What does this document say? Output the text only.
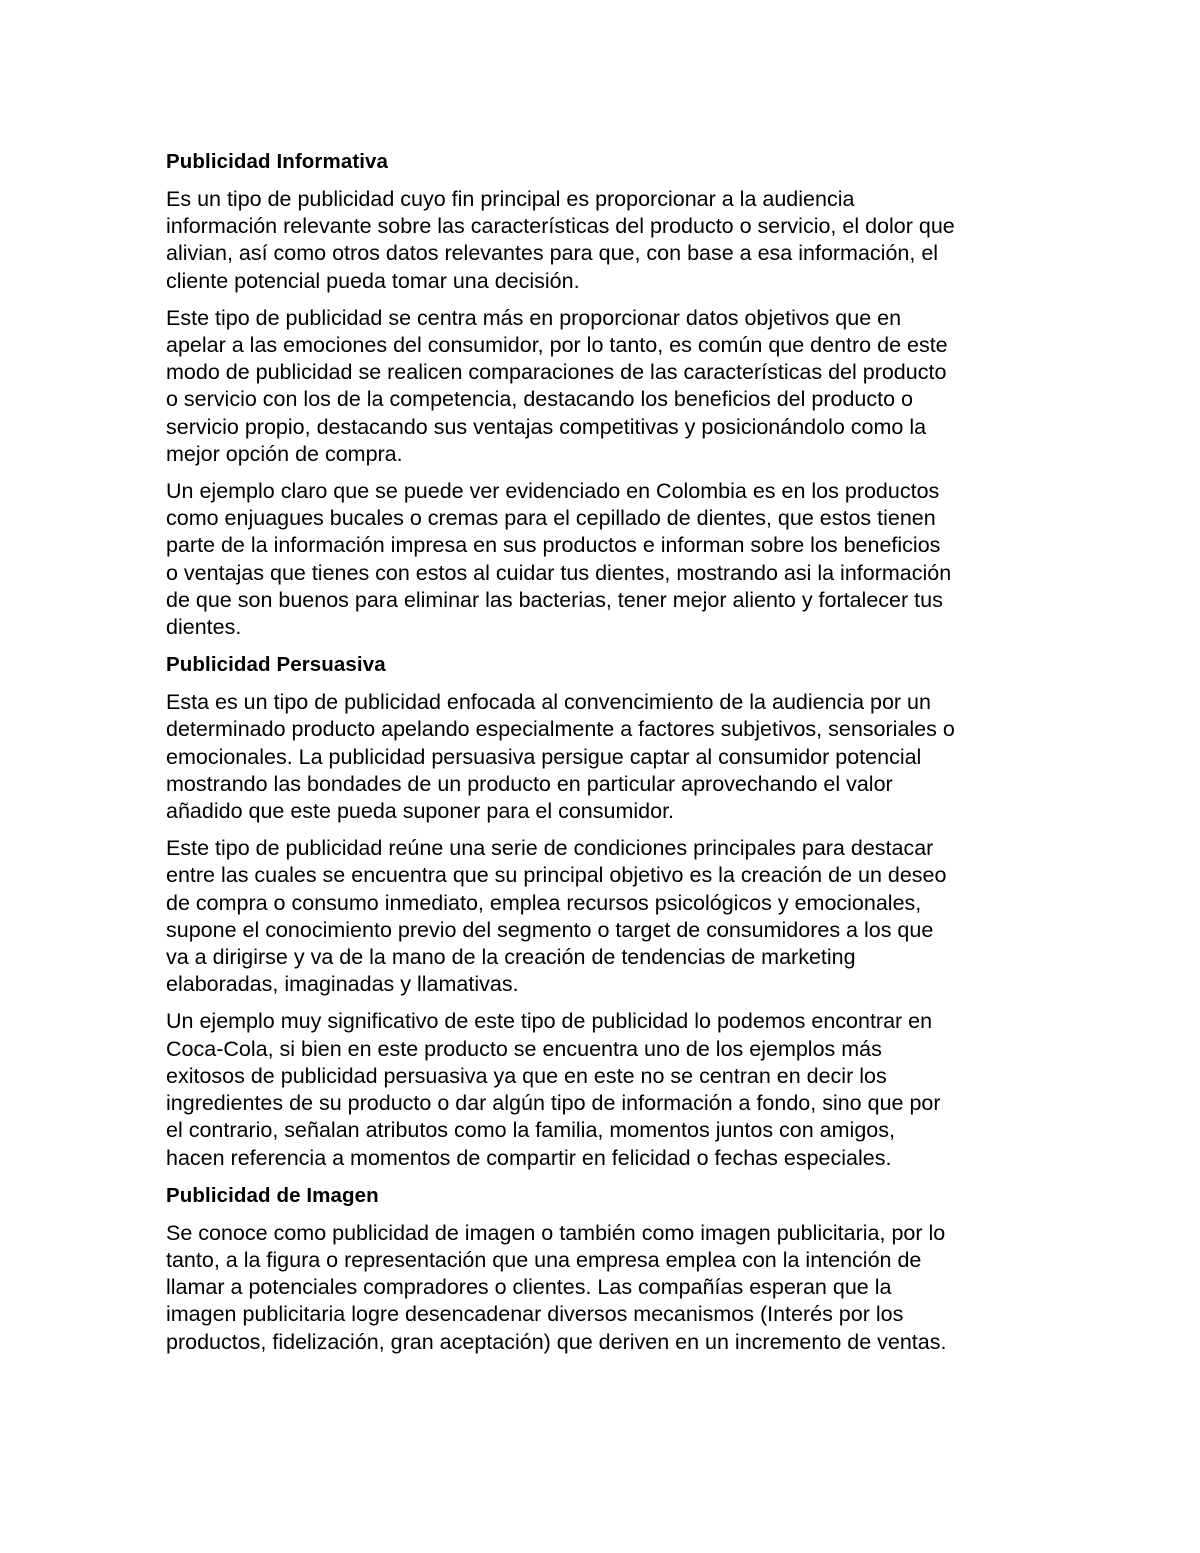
Publicidad Informativa

Es un tipo de publicidad cuyo fin principal es proporcionar a la audiencia
información relevante sobre las características del producto o servicio, el dolor que
alivian, así como otros datos relevantes para que, con base a esa información, el
cliente potencial pueda tomar una decisión.

Este tipo de publicidad se centra más en proporcionar datos objetivos que en
apelar a las emociones del consumidor, por lo tanto, es común que dentro de este
modo de publicidad se realicen comparaciones de las características del producto
o servicio con los de la competencia, destacando los beneficios del producto o
servicio propio, destacando sus ventajas competitivas y posicionándolo como la
mejor opción de compra.

Un ejemplo claro que se puede ver evidenciado en Colombia es en los productos
como enjuagues bucales o cremas para el cepillado de dientes, que estos tienen
parte de la información impresa en sus productos e informan sobre los beneficios
o ventajas que tienes con estos al cuidar tus dientes, mostrando asi la información
de que son buenos para eliminar las bacterias, tener mejor aliento y fortalecer tus
dientes.

Publicidad Persuasiva

Esta es un tipo de publicidad enfocada al convencimiento de la audiencia por un
determinado producto apelando especialmente a factores subjetivos, sensoriales o
emocionales. La publicidad persuasiva persigue captar al consumidor potencial
mostrando las bondades de un producto en particular aprovechando el valor
añadido que este pueda suponer para el consumidor.

Este tipo de publicidad reúne una serie de condiciones principales para destacar
entre las cuales se encuentra que su principal objetivo es la creación de un deseo
de compra o consumo inmediato, emplea recursos psicológicos y emocionales,
supone el conocimiento previo del segmento o target de consumidores a los que
va a dirigirse y va de la mano de la creación de tendencias de marketing
elaboradas, imaginadas y llamativas.

Un ejemplo muy significativo de este tipo de publicidad lo podemos encontrar en
Coca-Cola, si bien en este producto se encuentra uno de los ejemplos más
exitosos de publicidad persuasiva ya que en este no se centran en decir los
ingredientes de su producto o dar algún tipo de información a fondo, sino que por
el contrario, señalan atributos como la familia, momentos juntos con amigos,
hacen referencia a momentos de compartir en felicidad o fechas especiales.

Publicidad de Imagen

Se conoce como publicidad de imagen o también como imagen publicitaria, por lo
tanto, a la figura o representación que una empresa emplea con la intención de
llamar a potenciales compradores o clientes. Las compañías esperan que la
imagen publicitaria logre desencadenar diversos mecanismos (Interés por los
productos, fidelización, gran aceptación) que deriven en un incremento de ventas.
